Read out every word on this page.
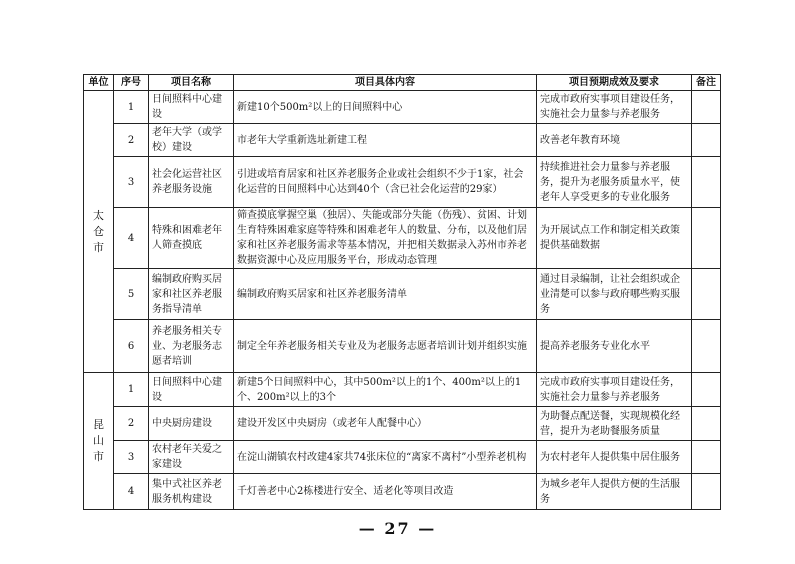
单位	序号	项目名称	项目具体内容	项目预期成效及要求	备注

太仓市	1	日间照料中心建设	新建10个500m²以上的日间照料中心	完成市政府实事项目建设任务，实施社会力量参与养老服务	
	2	老年大学（或学校）建设	市老年大学重新选址新建工程	改善老年教育环境	
	3	社会化运营社区养老服务设施	引进或培育居家和社区养老服务企业或社会组织不少于1家，社会化运营的日间照料中心达到40个（含已社会化运营的29家）	持续推进社会力量参与养老服务，提升为老服务质量水平，使老年人享受更多的专业化服务	
	4	特殊和困难老年人筛查摸底	筛查摸底掌握空巢（独居）、失能或部分失能（伤残）、贫困、计划生育特殊困难家庭等特殊和困难老年人的数量、分布，以及他们居家和社区养老服务需求等基本情况，并把相关数据录入苏州市养老数据资源中心及应用服务平台，形成动态管理	为开展试点工作和制定相关政策提供基础数据	
	5	编制政府购买居家和社区养老服务指导清单	编制政府购买居家和社区养老服务清单	通过目录编制，让社会组织或企业清楚可以参与政府哪些购买服务	
	6	养老服务相关专业、为老服务志愿者培训	制定全年养老服务相关专业及为老服务志愿者培训计划并组织实施	提高养老服务专业化水平	

昆山市	1	日间照料中心建设	新建5个日间照料中心，其中500m²以上的1个、400m²以上的1个、200m²以上的3个	完成市政府实事项目建设任务，实施社会力量参与养老服务	
	2	中央厨房建设	建设开发区中央厨房（或老年人配餐中心）	为助餐点配送餐，实现规模化经营，提升为老助餐服务质量	
	3	农村老年关爱之家建设	在淀山湖镇农村改建4家共74张床位的“离家不离村”小型养老机构	为农村老年人提供集中居住服务	
	4	集中式社区养老服务机构建设	千灯善老中心2栋楼进行安全、适老化等项目改造	为城乡老年人提供方便的生活服务	
— 27 —
